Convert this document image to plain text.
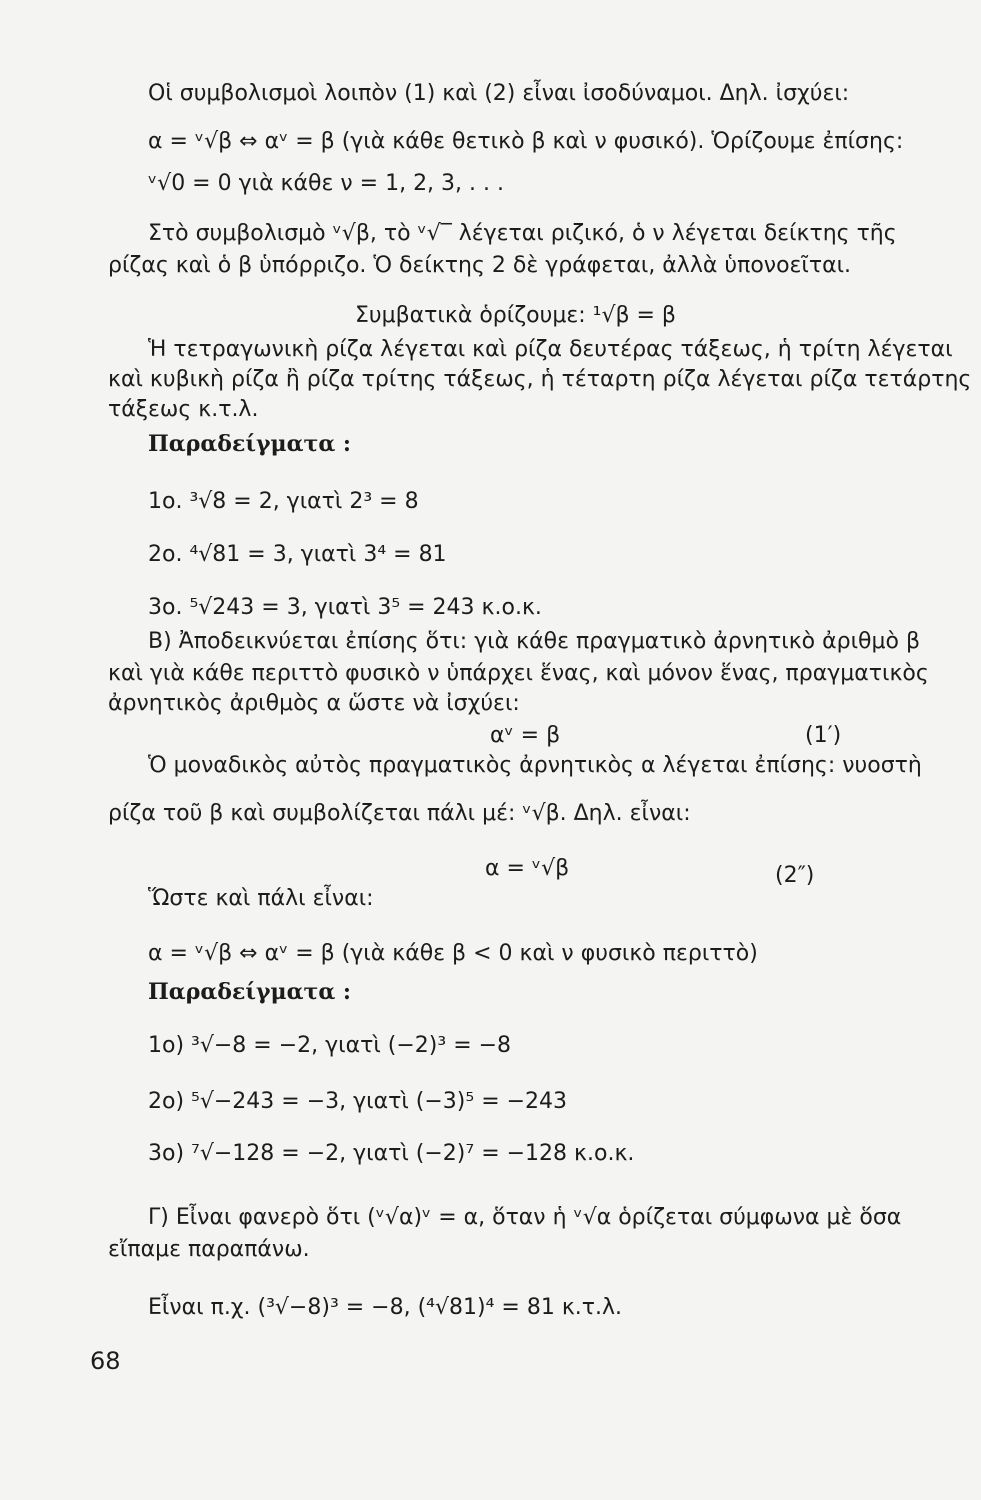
Οἱ συμβολισμοὶ λοιπὸν (1) καὶ (2) εἶναι ἰσοδύναμοι. Δηλ. ἰσχύει:
α = ᵛ√β ⇔ αᵛ = β (γιὰ κάθε θετικὸ β καὶ ν φυσικό). Ὁρίζουμε ἐπίσης:
ᵛ√0 = 0 γιὰ κάθε ν = 1, 2, 3, . . .
Στὸ συμβολισμὸ ᵛ√β, τὸ ᵛ√‾ λέγεται ριζικό, ὁ ν λέγεται δείκτης τῆς
ρίζας καὶ ὁ β ὑπόρριζο. Ὁ δείκτης 2 δὲ γράφεται, ἀλλὰ ὑπονοεῖται.
Συμβατικὰ ὁρίζουμε: ¹√β = β
Ἡ τετραγωνικὴ ρίζα λέγεται καὶ ρίζα δευτέρας τάξεως, ἡ τρίτη λέγεται
καὶ κυβικὴ ρίζα ἢ ρίζα τρίτης τάξεως, ἡ τέταρτη ρίζα λέγεται ρίζα τετάρτης
τάξεως κ.τ.λ.
Παραδείγματα :
1ο. ³√8 = 2, γιατὶ 2³ = 8
2ο. ⁴√81 = 3, γιατὶ 3⁴ = 81
3ο. ⁵√243 = 3, γιατὶ 3⁵ = 243 κ.ο.κ.
Β) Ἀποδεικνύεται ἐπίσης ὅτι: γιὰ κάθε πραγματικὸ ἀρνητικὸ ἀριθμὸ β
καὶ γιὰ κάθε περιττὸ φυσικὸ ν ὑπάρχει ἕνας, καὶ μόνον ἕνας, πραγματικὸς
ἀρνητικὸς ἀριθμὸς α ὥστε νὰ ἰσχύει:
αᵛ = β	(1′)
Ὁ μοναδικὸς αὐτὸς πραγματικὸς ἀρνητικὸς α λέγεται ἐπίσης: νυοστὴ
ρίζα τοῦ β καὶ συμβολίζεται πάλι μέ: ᵛ√β. Δηλ. εἶναι:
α = ᵛ√β	(2″)
Ὥστε καὶ πάλι εἶναι:
α = ᵛ√β ⇔ αᵛ = β (γιὰ κάθε β < 0 καὶ ν φυσικὸ περιττὸ)
Παραδείγματα :
1ο) ³√−8 = −2, γιατὶ (−2)³ = −8
2ο) ⁵√−243 = −3, γιατὶ (−3)⁵ = −243
3ο) ⁷√−128 = −2, γιατὶ (−2)⁷ = −128 κ.ο.κ.
Γ) Εἶναι φανερὸ ὅτι (ᵛ√α)ᵛ = α, ὅταν ἡ ᵛ√α ὁρίζεται σύμφωνα μὲ ὅσα
εἴπαμε παραπάνω.
Εἶναι π.χ. (³√−8)³ = −8, (⁴√81)⁴ = 81 κ.τ.λ.
68
